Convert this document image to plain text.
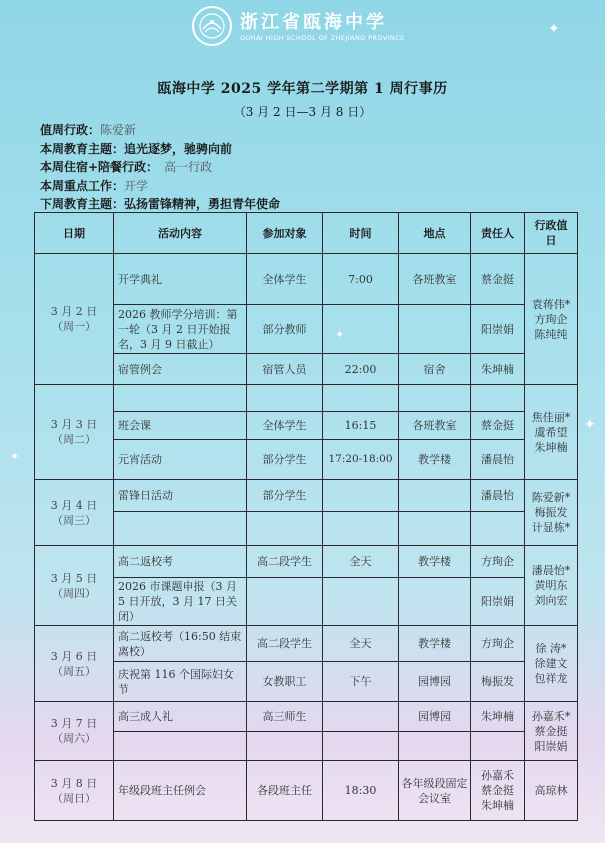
浙江省瓯海中学
OUHAI HIGH SCHOOL OF ZHEJIANG PROVINCE
✦
✦
✦
✦
瓯海中学 2025 学年第二学期第 1 周行事历
（3 月 2 日—3 月 8 日）
值周行政：陈爱新
本周教育主题：追光逐梦，驰骋向前
本周住宿+陪餐行政： 高一行政
本周重点工作：开学
下周教育主题：弘扬雷锋精神，勇担青年使命
日期	活动内容	参加对象	时间	地点	责任人	行政值日

3 月 2 日
（周一）	开学典礼	全体学生	7:00	各班教室	蔡金挺	袁蒋伟*方珣企陈纯纯
	2026 教师学分培训：第一轮（3 月 2 日开始报名，3 月 9 日截止）	部分教师			阳崇娟	
	宿管例会	宿管人员	22:00	宿舍	朱坤楠	

3 月 3 日
（周二）						焦佳丽*虞希望朱坤楠
	班会课	全体学生	16:15	各班教室	蔡金挺	
	元宵活动	部分学生	17:20-18:00	教学楼	潘晨怡	

3 月 4 日
（周三）	雷锋日活动	部分学生			潘晨怡	陈爱新*梅振发计显栋*

3 月 5 日
（周四）	高二返校考	高二段学生	全天	教学楼	方珣企	潘晨怡*黄明东刘向宏
	2026 市课题申报（3 月 5 日开放，3 月 17 日关闭）				阳崇娟	

3 月 6 日
（周五）	高二返校考（16:50 结束离校）	高二段学生	全天	教学楼	方珣企	徐 涛*徐建文包祥龙
	庆祝第 116 个国际妇女节	女教职工	下午	园博园	梅振发	

3 月 7 日
（周六）	高三成人礼	高三师生		园博园	朱坤楠	孙嘉禾*蔡金挺阳崇娟

3 月 8 日
（周日）	年级段班主任例会	各段班主任	18:30	各年级段固定会议室	孙嘉禾蔡金挺朱坤楠	高琼林
